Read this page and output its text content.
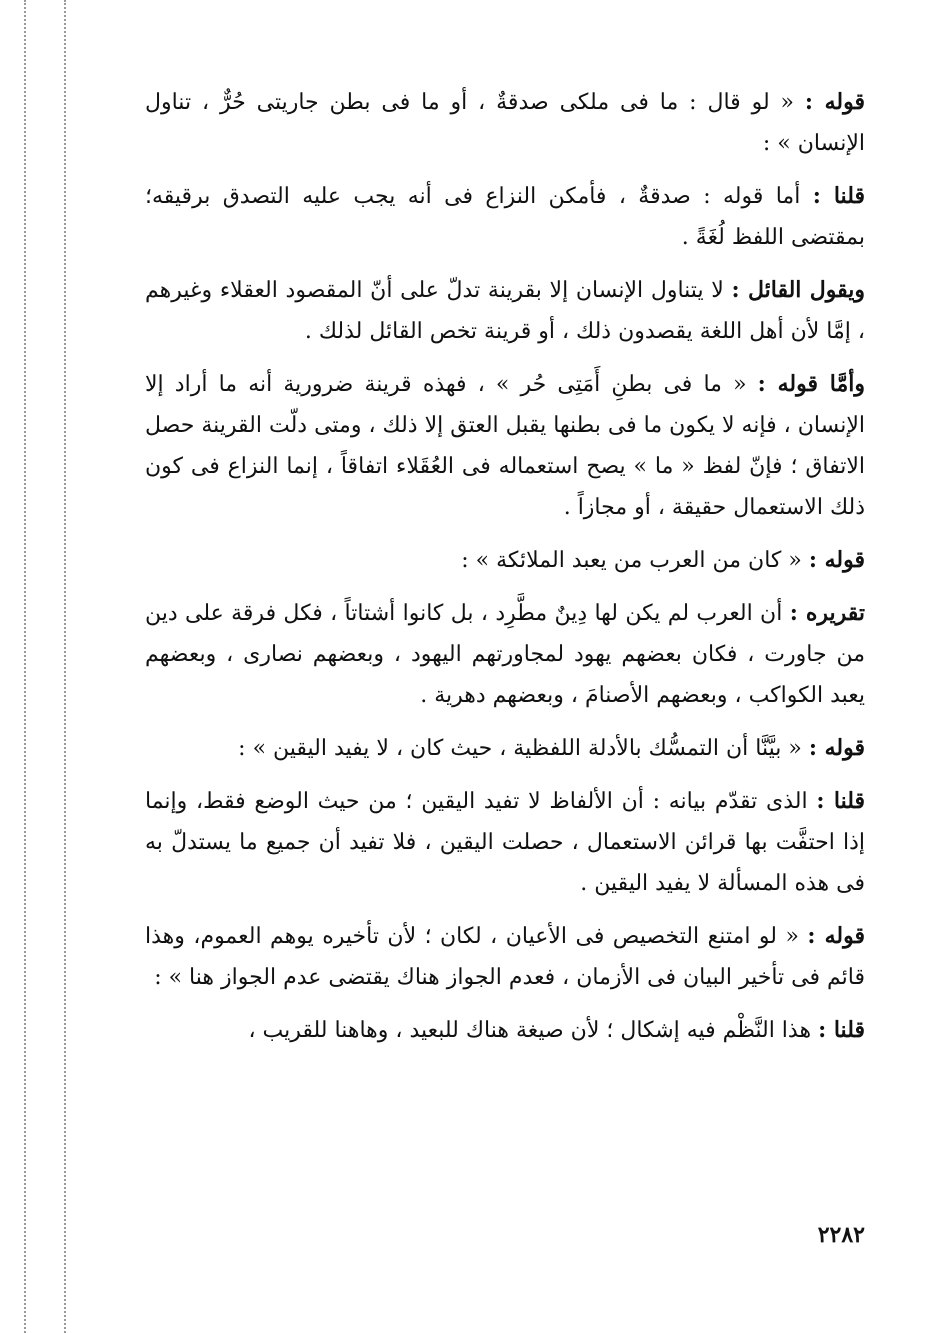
قوله : « لو قال : ما فى ملكى صدقةٌ ، أو ما فى بطن جاريتى حُرٌّ ، تناول الإنسان » :

قلنا : أما قوله : صدقةٌ ، فأمكن النزاع فى أنه يجب عليه التصدق برقيقه؛ بمقتضى اللفظ لُغَةً .

ويقول القائل : لا يتناول الإنسان إلا بقرينة تدلّ على أنّ المقصود العقلاء وغيرهم ، إمَّا لأن أهل اللغة يقصدون ذلك ، أو قرينة تخص القائل لذلك .

وأمَّا قوله : « ما فى بطنِ أَمَتِى حُر » ، فهذه قرينة ضرورية أنه ما أراد إلا الإنسان ، فإنه لا يكون ما فى بطنها يقبل العتق إلا ذلك ، ومتى دلّت القرينة حصل الاتفاق ؛ فإنّ لفظ « ما » يصح استعماله فى العُقَلاء اتفاقاً ، إنما النزاع فى كون ذلك الاستعمال حقيقة ، أو مجازاً .

قوله : « كان من العرب من يعبد الملائكة » :

تقريره : أن العرب لم يكن لها دِينٌ مطَّرِد ، بل كانوا أشتاتاً ، فكل فرقة على دين من جاورت ، فكان بعضهم يهود لمجاورتهم اليهود ، وبعضهم نصارى ، وبعضهم يعبد الكواكب ، وبعضهم الأصنامَ ، وبعضهم دهرية .

قوله : « بيَّنَّا أن التمسُّك بالأدلة اللفظية ، حيث كان ، لا يفيد اليقين » :

قلنا : الذى تقدّم بيانه : أن الألفاظ لا تفيد اليقين ؛ من حيث الوضع فقط، وإنما إذا احتفَّت بها قرائن الاستعمال ، حصلت اليقين ، فلا تفيد أن جميع ما يستدلّ به فى هذه المسألة لا يفيد اليقين .

قوله : « لو امتنع التخصيص فى الأعيان ، لكان ؛ لأن تأخيره يوهم العموم، وهذا قائم فى تأخير البيان فى الأزمان ، فعدم الجواز هناك يقتضى عدم الجواز هنا » :

قلنا : هذا النَّظْم فيه إشكال ؛ لأن صيغة هناك للبعيد ، وهاهنا للقريب ،

٢٢٨٢
